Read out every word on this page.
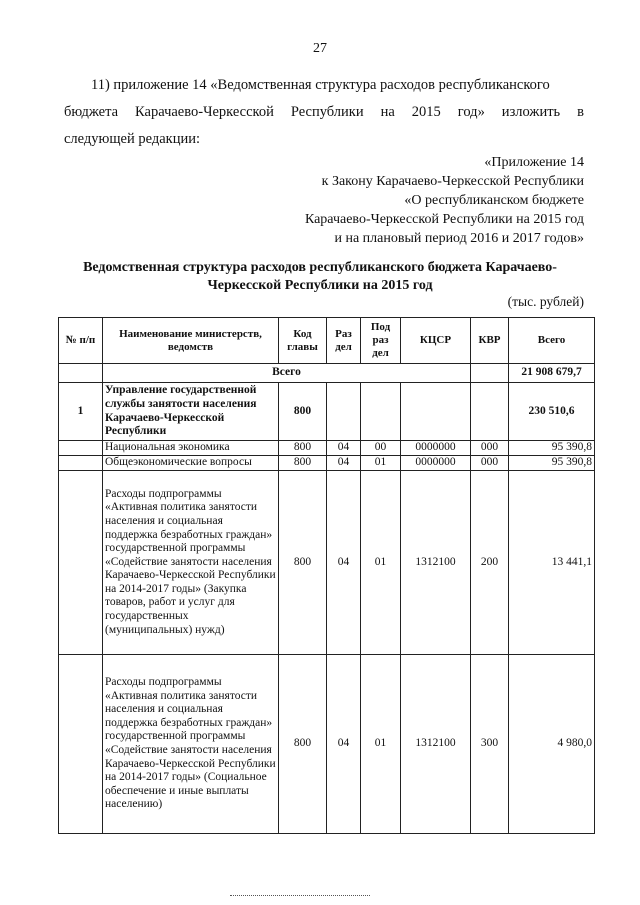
27
11) приложение 14 «Ведомственная структура расходов республиканского
бюджета Карачаево-Черкесской Республики на 2015 год» изложить в
следующей редакции:
«Приложение 14
к Закону Карачаево-Черкесской Республики
«О республиканском бюджете
Карачаево-Черкесской Республики на 2015 год
и на плановый период 2016 и 2017 годов»
Ведомственная структура расходов республиканского бюджета Карачаево-
Черкесской Республики на 2015 год
(тыс. рублей)
№ п/п	Наименование министерств, ведомств	Код главы	Раз дел	Под раз дел	КЦСР	КВР	Всего
	Всего						21 908 679,7
1	Управление государственной службы занятости населения Карачаево-Черкесской Республики	800					230 510,6
	Национальная экономика	800	04	00	0000000	000	95 390,8
	Общеэкономические вопросы	800	04	01	0000000	000	95 390,8
	Расходы подпрограммы «Активная политика занятости населения и социальная поддержка безработных граждан» государственной программы «Содействие занятости населения Карачаево-Черкесской Республики на 2014-2017 годы» (Закупка товаров, работ и услуг для государственных (муниципальных) нужд)	800	04	01	1312100	200	13 441,1
	Расходы подпрограммы «Активная политика занятости населения и социальная поддержка безработных граждан» государственной программы «Содействие занятости населения Карачаево-Черкесской Республики на 2014-2017 годы» (Социальное обеспечение и иные выплаты населению)	800	04	01	1312100	300	4 980,0
